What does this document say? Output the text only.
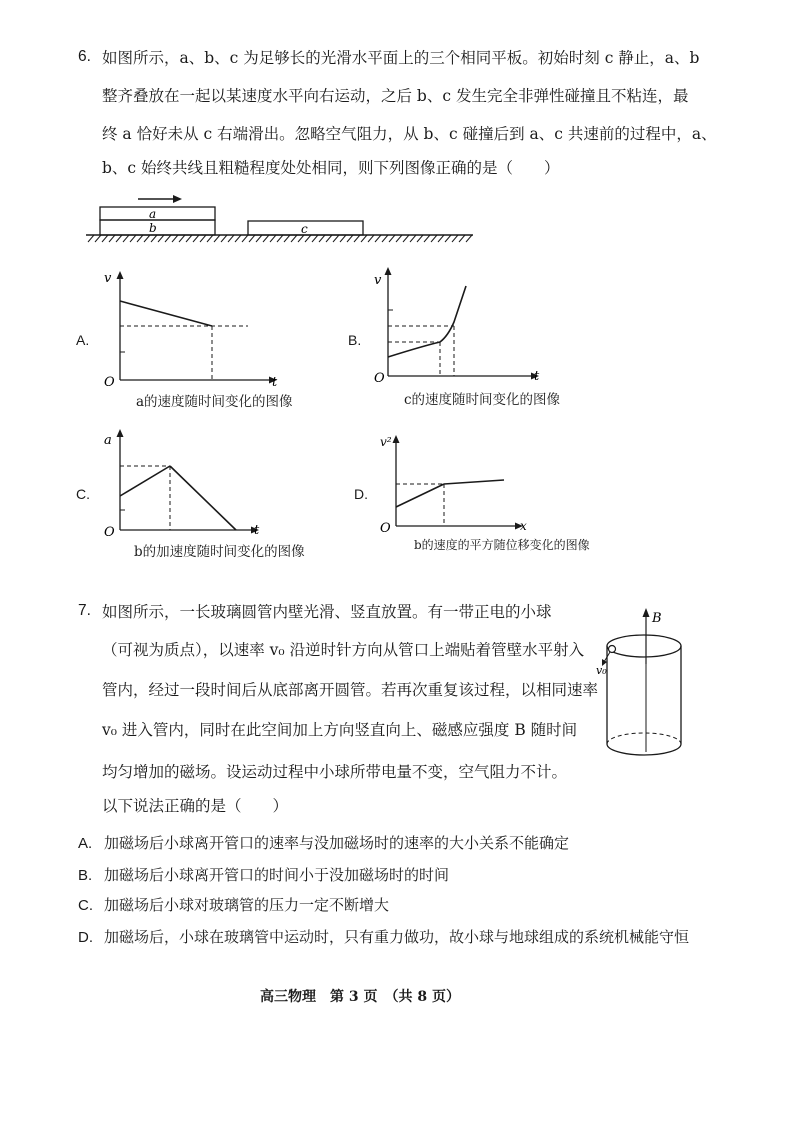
6. 如图所示，a、b、c 为足够长的光滑水平面上的三个相同平板。初始时刻 c 静止，a、b
整齐叠放在一起以某速度水平向右运动，之后 b、c 发生完全非弹性碰撞且不粘连，最
终 a 恰好未从 c 右端滑出。忽略空气阻力，从 b、c 碰撞后到 a、c 共速前的过程中，a、
b、c 始终共线且粗糙程度处处相同，则下列图像正确的是（　　）
a
b	c
A.
v
t
O
a的速度随时间变化的图像
B.
v
t
O
c的速度随时间变化的图像
C.
a
t
O
b的加速度随时间变化的图像
D.
v²
x
O
b的速度的平方随位移变化的图像
7. 如图所示，一长玻璃圆管内壁光滑、竖直放置。有一带正电的小球
（可视为质点），以速率 v₀ 沿逆时针方向从管口上端贴着管壁水平射入
管内，经过一段时间后从底部离开圆管。若再次重复该过程，以相同速率
v₀ 进入管内，同时在此空间加上方向竖直向上、磁感应强度 B 随时间
均匀增加的磁场。设运动过程中小球所带电量不变，空气阻力不计。
以下说法正确的是（　　）
B
v₀
A. 加磁场后小球离开管口的速率与没加磁场时的速率的大小关系不能确定
B. 加磁场后小球离开管口的时间小于没加磁场时的时间
C. 加磁场后小球对玻璃管的压力一定不断增大
D. 加磁场后，小球在玻璃管中运动时，只有重力做功，故小球与地球组成的系统机械能守恒
高三物理　第 3 页　（共 8 页）
